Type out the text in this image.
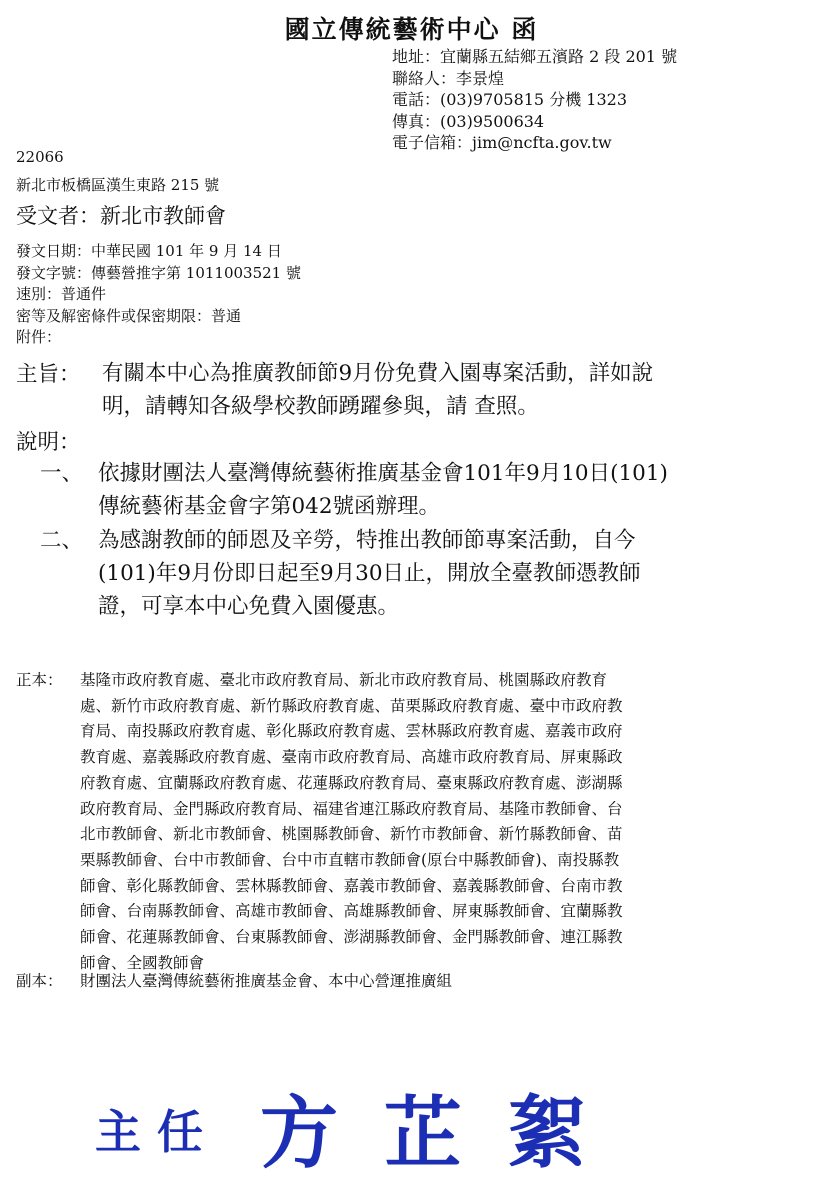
國立傳統藝術中心 函
地址：宜蘭縣五結鄉五濱路 2 段 201 號
聯絡人：李景煌
電話：(03)9705815 分機 1323
傳真：(03)9500634
電子信箱：jim@ncfta.gov.tw
22066
新北市板橋區漢生東路 215 號
受文者：新北市教師會
發文日期：中華民國 101 年 9 月 14 日
發文字號：傳藝營推字第 1011003521 號
速別：普通件
密等及解密條件或保密期限：普通
附件：
主旨： 有關本中心為推廣教師節9月份免費入園專案活動，詳如說
明，請轉知各級學校教師踴躍參與，請 查照。
說明：
一、 依據財團法人臺灣傳統藝術推廣基金會101年9月10日(101)
傳統藝術基金會字第042號函辦理。
二、 為感謝教師的師恩及辛勞，特推出教師節專案活動，自今
(101)年9月份即日起至9月30日止，開放全臺教師憑教師
證，可享本中心免費入園優惠。
正本： 基隆市政府教育處、臺北市政府教育局、新北市政府教育局、桃園縣政府教育
處、新竹市政府教育處、新竹縣政府教育處、苗栗縣政府教育處、臺中市政府教
育局、南投縣政府教育處、彰化縣政府教育處、雲林縣政府教育處、嘉義市政府
教育處、嘉義縣政府教育處、臺南市政府教育局、高雄市政府教育局、屏東縣政
府教育處、宜蘭縣政府教育處、花蓮縣政府教育局、臺東縣政府教育處、澎湖縣
政府教育局、金門縣政府教育局、福建省連江縣政府教育局、基隆市教師會、台
北市教師會、新北市教師會、桃園縣教師會、新竹市教師會、新竹縣教師會、苗
栗縣教師會、台中市教師會、台中市直轄市教師會(原台中縣教師會)、南投縣教
師會、彰化縣教師會、雲林縣教師會、嘉義市教師會、嘉義縣教師會、台南市教
師會、台南縣教師會、高雄市教師會、高雄縣教師會、屏東縣教師會、宜蘭縣教
師會、花蓮縣教師會、台東縣教師會、澎湖縣教師會、金門縣教師會、連江縣教
師會、全國教師會
副本： 財團法人臺灣傳統藝術推廣基金會、本中心營運推廣組
主任 方芷絮
